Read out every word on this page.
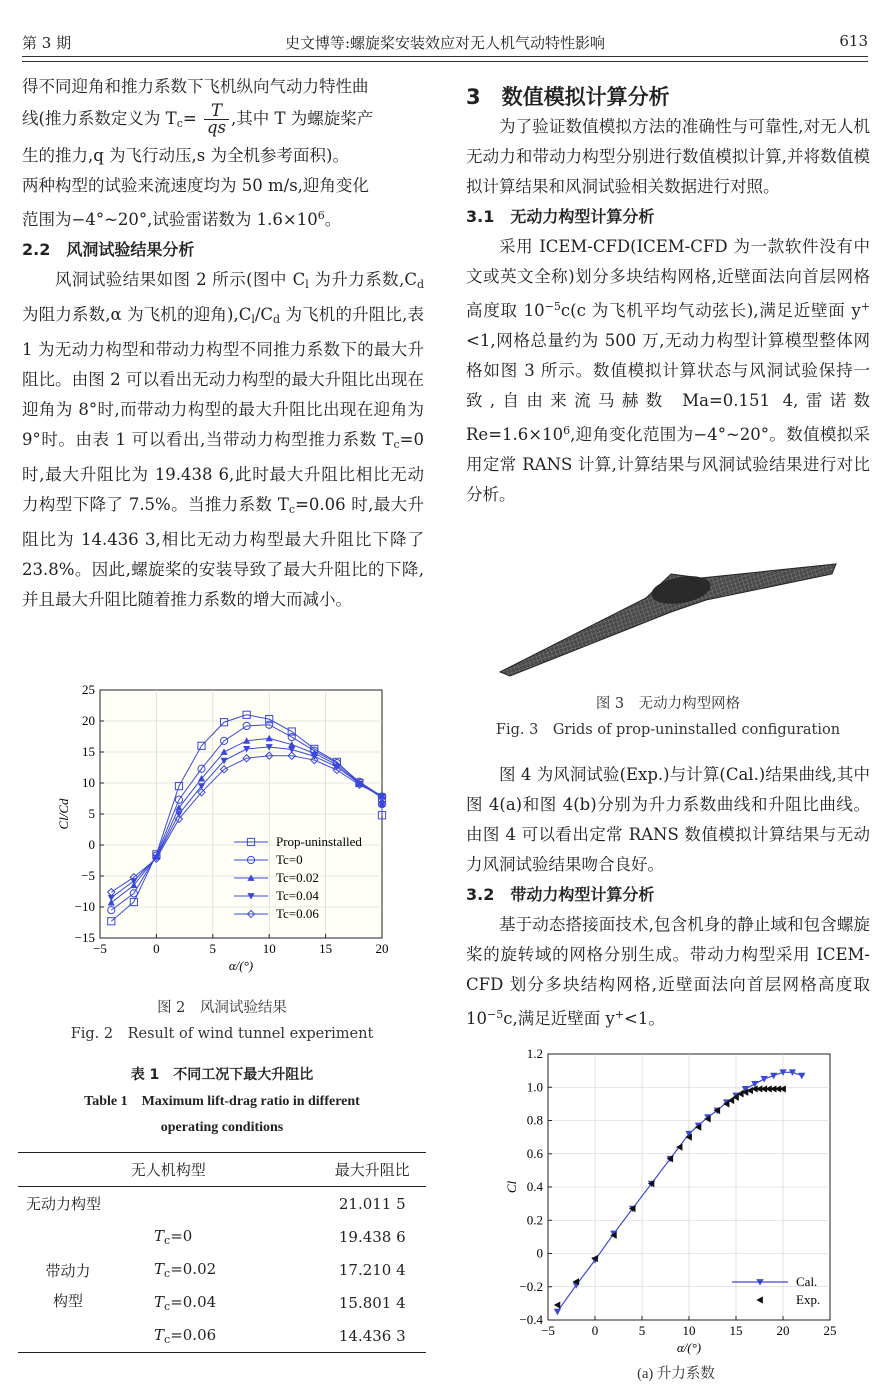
第 3 期	史文博等:螺旋桨安装效应对无人机气动特性影响	613

得不同迎角和推力系数下飞机纵向气动力特性曲

线(推力系数定义为 $T_c= \frac{T}{qs}$ ,其中 T 为螺旋桨产

生的推力,q 为飞行动压,s 为全机参考面积)。

两种构型的试验来流速度均为 50 m/s,迎角变化

范围为−4°~20°,试验雷诺数为 $1.6\times 10^6$。

2.2　风洞试验结果分析

风洞试验结果如图 2 所示(图中 $C_l$ 为升力系数$,C_d$ 为阻力系数,α 为飞机的迎角)$,C_l/C_d$ 为飞机的升阻比,表 1 为无动力构型和带动力构型不同推力系数下的最大升阻比。由图 2 可以看出无动力构型的最大升阻比出现在迎角为 8°时,而带动力构型的最大升阻比出现在迎角为 9°时。由表 1 可以看出,当带动力构型推力系数 $T_c=0$ 时,最大升阻比为 19.438 6,此时最大升阻比相比无动力构型下降了 7.5%。当推力系数 $T_c=0.06$ 时,最大升阻比为 14.436 3,相比无动力构型最大升阻比下降了 23.8%。因此,螺旋桨的安装导致了最大升阻比的下降,并且最大升阻比随着推力系数的增大而减小。

−5	0	5	10	15	20
−15
−10
−5
0
5
10
15
20
25
α/(°)
Cl/Cd
Prop-uninstalled
Tc=0
Tc=0.02
Tc=0.04
Tc=0.06
图 2　风洞试验结果
Fig. 2　Result of wind tunnel experiment
表 1　不同工况下最大升阻比
Table 1　Maximum lift-drag ratio in different
operating conditions
无人机构型		最大升阻比
无动力构型		21.011 5
带动力
构型	$T_c=0$	19.438 6
	$T_c=0.02$	17.210 4
	$T_c=0.04$	15.801 4
	$T_c=0.06$	14.436 3

3　数值模拟计算分析

为了验证数值模拟方法的准确性与可靠性,对无人机无动力和带动力构型分别进行数值模拟计算,并将数值模拟计算结果和风洞试验相关数据进行对照。

3.1　无动力构型计算分析

采用 ICEM-CFD(ICEM-CFD 为一款软件没有中文或英文全称)划分多块结构网格,近壁面法向首层网格高度取 $10^{-5}c(c$ 为飞机平均气动弦长),满足近壁面 y+<1,网格总量约为 500 万,无动力构型计算模型整体网格如图 3 所示。数值模拟计算状态与风洞试验保持一致,自由来流马赫数 Ma=0.151 4,雷诺数 $Re=1.6\times 10^6$,迎角变化范围为−4°~20°。数值模拟采用定常 RANS 计算,计算结果与风洞试验结果进行对比分析。

图 3　无动力构型网格
Fig. 3　Grids of prop-uninstalled configuration

图 4 为风洞试验(Exp.)与计算(Cal.)结果曲线,其中图 4(a)和图 4(b)分别为升力系数曲线和升阻比曲线。由图 4 可以看出定常 RANS 数值模拟计算结果与无动力风洞试验结果吻合良好。

3.2　带动力构型计算分析

基于动态搭接面技术,包含机身的静止域和包含螺旋桨的旋转域的网格分别生成。带动力构型采用 ICEM-CFD 划分多块结构网格,近壁面法向首层网格高度取 $10^{-5}c$,满足近壁面 y+<1。

−5	0	5	10	15	20	25
−0.4
−0.2
0
0.2
0.4
0.6
0.8
1.0
1.2
α/(°)
Cl
Cal.
Exp.
(a) 升力系数
